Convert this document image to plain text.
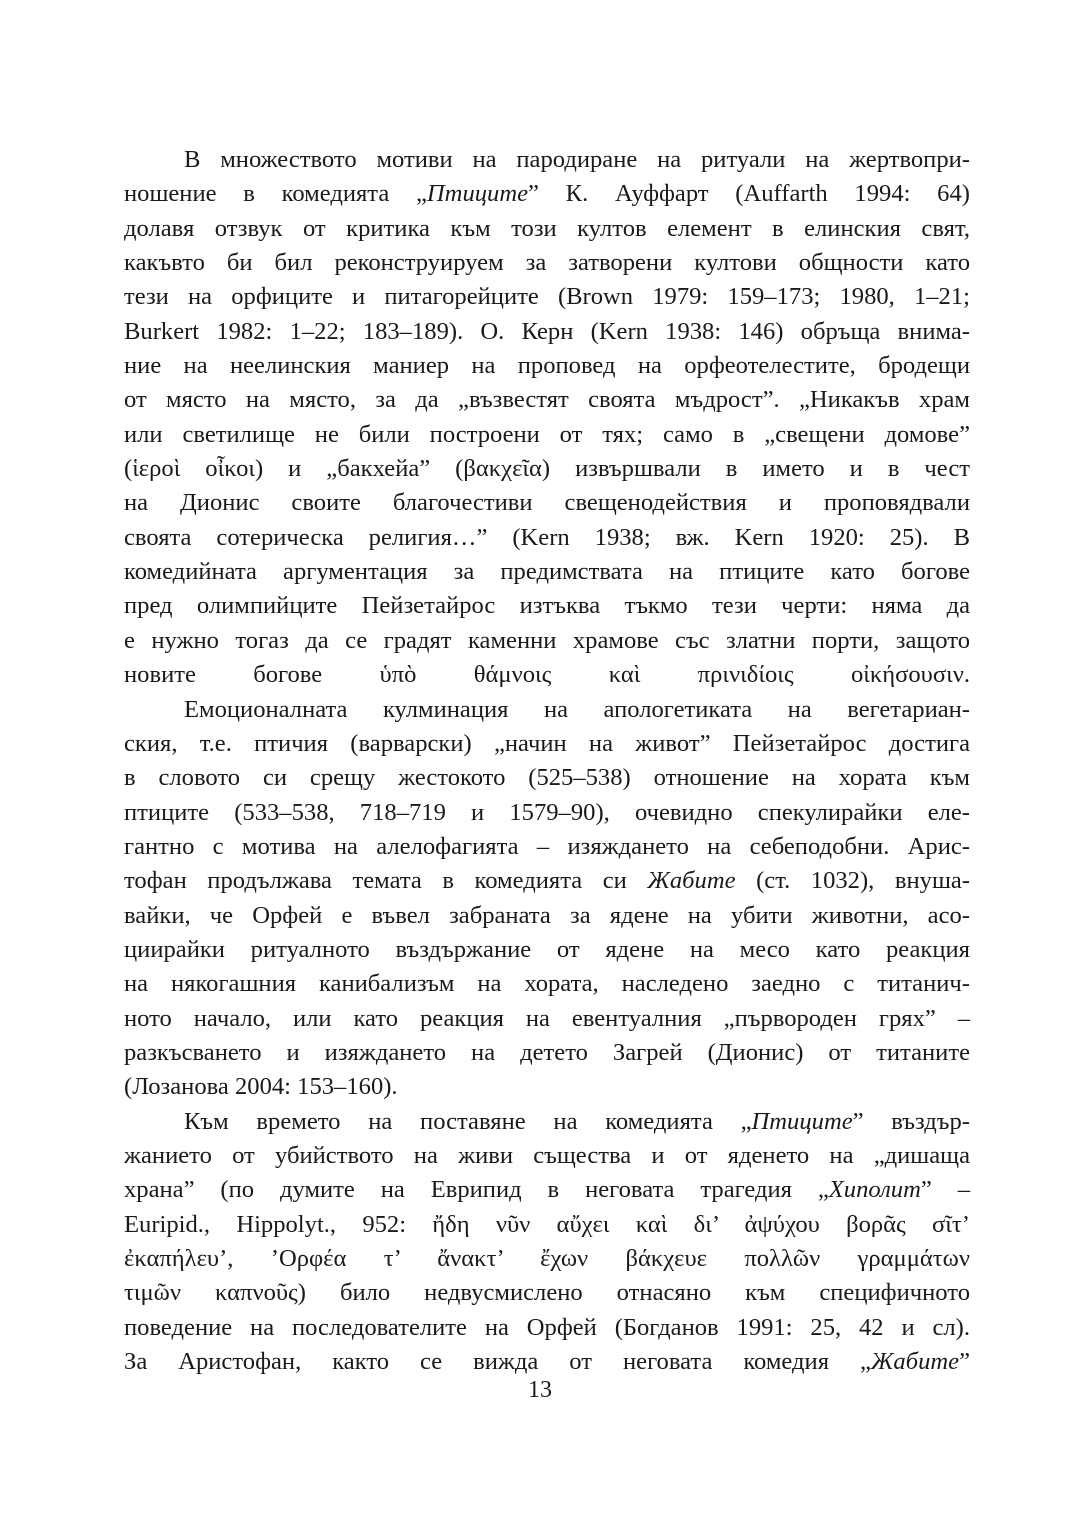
В множеството мотиви на пародиране на ритуали на жертвопри-
ношение в комедията „Птиците” К. Ауффарт (Auffarth 1994: 64)
долавя отзвук от критика към този култов елемент в елинския свят,
какъвто би бил реконструируем за затворени култови общности като
тези на орфиците и питагорейците (Brown 1979: 159–173; 1980, 1–21;
Burkert 1982: 1–22; 183–189). О. Керн (Kern 1938: 146) обръща внима-
ние на неелинския маниер на проповед на орфеотелестите, бродещи
от място на място, за да „възвестят своята мъдрост”. „Никакъв храм
или светилище не били построени от тях; само в „свещени домове”
(ἱεροὶ οἶκοι) и „бакхейа” (βακχεῖα) извършвали в името и в чест
на Дионис своите благочестиви свещенодействия и проповядвали
своята сотерическа религия…” (Kern 1938; вж. Kern 1920: 25). В
комедийната аргументация за предимствата на птиците като богове
пред олимпийците Пейзетайрос изтъква тъкмо тези черти: няма да
е нужно тогаз да се градят каменни храмове със златни порти, защото
новите богове ὑπὸ θάμνοις καὶ πρινιδίοις οἰκήσουσιν.
Емоционалната кулминация на апологетиката на вегетариан-
ския, т.е. птичия (варварски) „начин на живот” Пейзетайрос достига
в словото си срещу жестокото (525–538) отношение на хората към
птиците (533–538, 718–719 и 1579–90), очевидно спекулирайки еле-
гантно с мотива на алелофагията – изяждането на себеподобни. Арис-
тофан продължава темата в комедията си Жабите (ст. 1032), внуша-
вайки, че Орфей е въвел забраната за ядене на убити животни, асо-
циирайки ритуалното въздържание от ядене на месо като реакция
на някогашния канибализъм на хората, наследено заедно с титанич-
ното начало, или като реакция на евентуалния „първороден грях” –
разкъсването и изяждането на детето Загрей (Дионис) от титаните
(Лозанова 2004: 153–160).
Към времето на поставяне на комедията „Птиците” въздър-
жанието от убийството на живи същества и от яденето на „дишаща
храна” (по думите на Еврипид в неговата трагедия „Хиполит” –
Euripid., Hippolyt., 952: ἤδη νῦν αὔχει καὶ δι’ ἀψύχου βορᾶς σῖτ’
ἐκαπήλευ’, ’Ορφέα τ’ ἄνακτ’ ἔχων βάκχευε πολλῶν γραμμάτων
τιμῶν καπνοῦς) било недвусмислено отнасяно към специфичното
поведение на последователите на Орфей (Богданов 1991: 25, 42 и сл).
За Аристофан, както се вижда от неговата комедия „Жабите”
13
